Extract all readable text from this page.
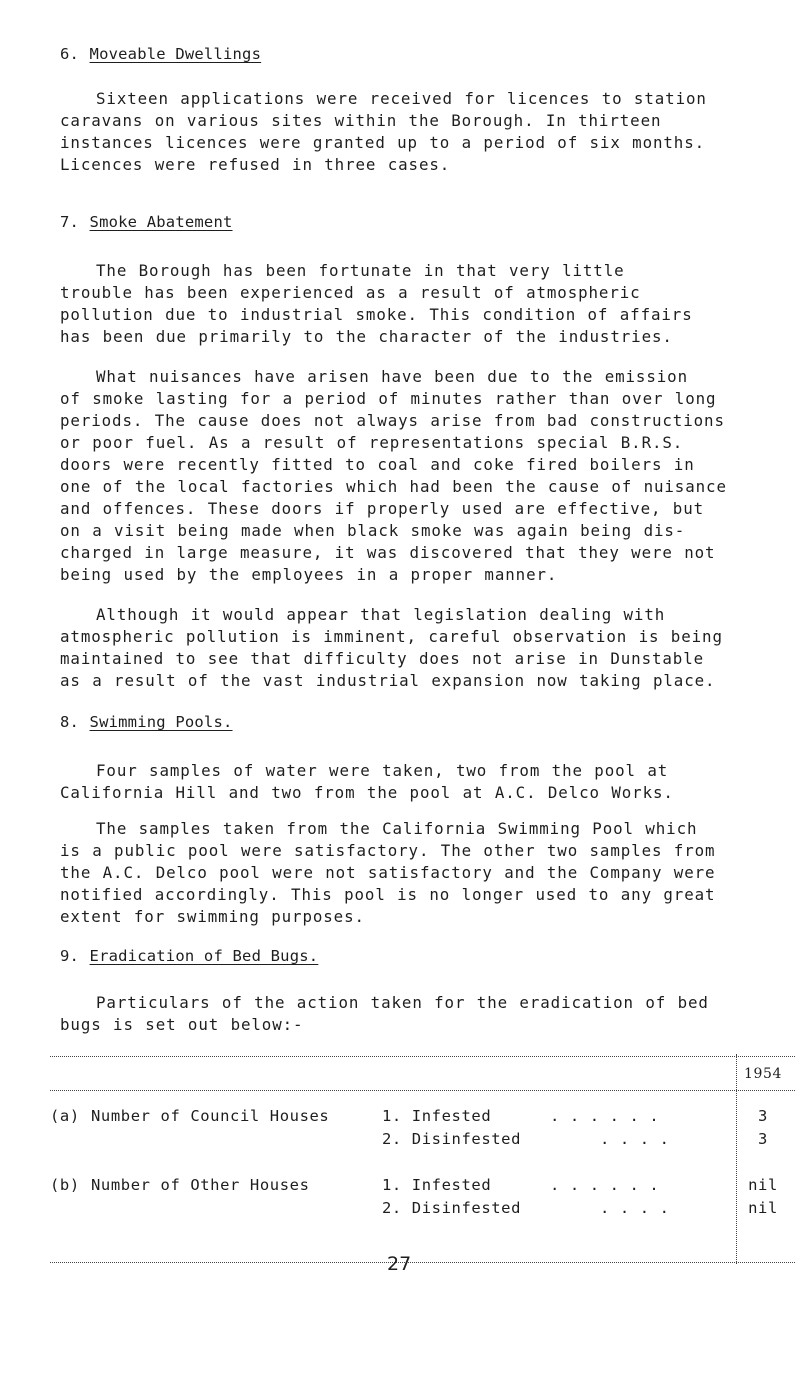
6. Moveable Dwellings

Sixteen applications were received for licences to station
caravans on various sites within the Borough. In thirteen
instances licences were granted up to a period of six months.
Licences were refused in three cases.

7. Smoke Abatement

The Borough has been fortunate in that very little
trouble has been experienced as a result of atmospheric
pollution due to industrial smoke. This condition of affairs
has been due primarily to the character of the industries.

What nuisances have arisen have been due to the emission
of smoke lasting for a period of minutes rather than over long
periods. The cause does not always arise from bad constructions
or poor fuel. As a result of representations special B.R.S.
doors were recently fitted to coal and coke fired boilers in
one of the local factories which had been the cause of nuisance
and offences. These doors if properly used are effective, but
on a visit being made when black smoke was again being dis-
charged in large measure, it was discovered that they were not
being used by the employees in a proper manner.

Although it would appear that legislation dealing with
atmospheric pollution is imminent, careful observation is being
maintained to see that difficulty does not arise in Dunstable
as a result of the vast industrial expansion now taking place.

8. Swimming Pools.

Four samples of water were taken, two from the pool at
California Hill and two from the pool at A.C. Delco Works.

The samples taken from the California Swimming Pool which
is a public pool were satisfactory. The other two samples from
the A.C. Delco pool were not satisfactory and the Company were
notified accordingly. This pool is no longer used to any great
extent for swimming purposes.

9. Eradication of Bed Bugs.

Particulars of the action taken for the eradication of bed
bugs is set out below:-

1954
(a) Number of Council Houses	1. Infested	. . . . . .	3
2. Disinfested	. . . .	3
(b) Number of Other Houses	1. Infested	. . . . . .	nil
2. Disinfested	. . . .	nil
27
